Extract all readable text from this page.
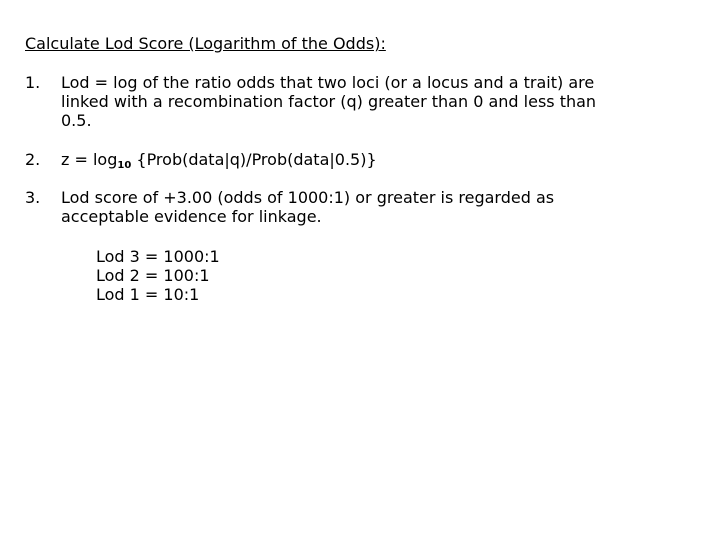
Calculate Lod Score (Logarithm of the Odds):
1.	Lod = log of the ratio odds that two loci (or a locus and a trait) are
linked with a recombination factor (q) greater than 0 and less than
0.5.
2.	$z = \log_{10}$ {Prob(data|q)/Prob(data|0.5)}
3.	Lod score of +3.00 (odds of 1000:1) or greater is regarded as
acceptable evidence for linkage.
Lod 3 = 1000:1
Lod 2 = 100:1
Lod 1 = 10:1
